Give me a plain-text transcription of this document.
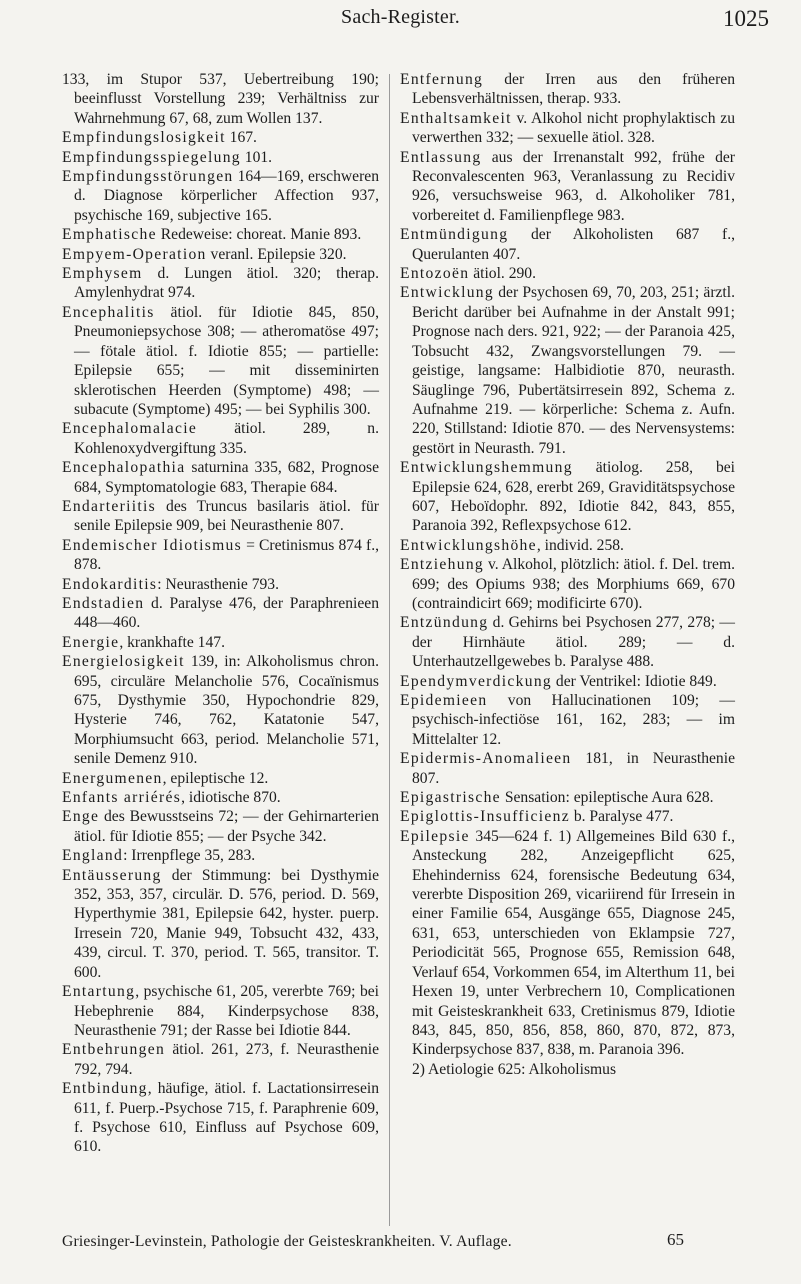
Sach-Register.	1025

133, im Stupor 537, Uebertreibung 190; beeinflusst Vorstellung 239; Verhältniss zur Wahrnehmung 67, 68, zum Wollen 137.

Empfindungslosigkeit 167.

Empfindungsspiegelung 101.

Empfindungsstörungen 164—169, erschweren d. Diagnose körperlicher Affection 937, psychische 169, subjective 165.

Emphatische Redeweise: choreat. Manie 893.

Empyem-Operation veranl. Epilepsie 320.

Emphysem d. Lungen ätiol. 320; therap. Amylenhydrat 974.

Encephalitis ätiol. für Idiotie 845, 850, Pneumoniepsychose 308; — atheromatöse 497; — fötale ätiol. f. Idiotie 855; — partielle: Epilepsie 655; — mit disseminirten sklerotischen Heerden (Symptome) 498; — subacute (Symptome) 495; — bei Syphilis 300.

Encephalomalacie ätiol. 289, n. Kohlenoxydvergiftung 335.

Encephalopathia saturnina 335, 682, Prognose 684, Symptomatologie 683, Therapie 684.

Endarteriitis des Truncus basilaris ätiol. für senile Epilepsie 909, bei Neurasthenie 807.

Endemischer Idiotismus = Cretinismus 874 f., 878.

Endokarditis: Neurasthenie 793.

Endstadien d. Paralyse 476, der Paraphrenieen 448—460.

Energie, krankhafte 147.

Energielosigkeit 139, in: Alkoholismus chron. 695, circuläre Melancholie 576, Cocaïnismus 675, Dysthymie 350, Hypochondrie 829, Hysterie 746, 762, Katatonie 547, Morphiumsucht 663, period. Melancholie 571, senile Demenz 910.

Energumenen, epileptische 12.

Enfants arriérés, idiotische 870.

Enge des Bewusstseins 72; — der Gehirnarterien ätiol. für Idiotie 855; — der Psyche 342.

England: Irrenpflege 35, 283.

Entäusserung der Stimmung: bei Dysthymie 352, 353, 357, circulär. D. 576, period. D. 569, Hyperthymie 381, Epilepsie 642, hyster. puerp. Irresein 720, Manie 949, Tobsucht 432, 433, 439, circul. T. 370, period. T. 565, transitor. T. 600.

Entartung, psychische 61, 205, vererbte 769; bei Hebephrenie 884, Kinderpsychose 838, Neurasthenie 791; der Rasse bei Idiotie 844.

Entbehrungen ätiol. 261, 273, f. Neurasthenie 792, 794.

Entbindung, häufige, ätiol. f. Lactationsirresein 611, f. Puerp.-Psychose 715, f. Paraphrenie 609, f. Psychose 610, Einfluss auf Psychose 609, 610.

Entfernung der Irren aus den früheren Lebensverhältnissen, therap. 933.

Enthaltsamkeit v. Alkohol nicht prophylaktisch zu verwerthen 332; — sexuelle ätiol. 328.

Entlassung aus der Irrenanstalt 992, frühe der Reconvalescenten 963, Veranlassung zu Recidiv 926, versuchsweise 963, d. Alkoholiker 781, vorbereitet d. Familienpflege 983.

Entmündigung der Alkoholisten 687 f., Querulanten 407.

Entozoën ätiol. 290.

Entwicklung der Psychosen 69, 70, 203, 251; ärztl. Bericht darüber bei Aufnahme in der Anstalt 991; Prognose nach ders. 921, 922; — der Paranoia 425, Tobsucht 432, Zwangsvorstellungen 79. — geistige, langsame: Halbidiotie 870, neurasth. Säuglinge 796, Pubertätsirresein 892, Schema z. Aufnahme 219. — körperliche: Schema z. Aufn. 220, Stillstand: Idiotie 870. — des Nervensystems: gestört in Neurasth. 791.

Entwicklungshemmung ätiolog. 258, bei Epilepsie 624, 628, ererbt 269, Graviditätspsychose 607, Heboïdophr. 892, Idiotie 842, 843, 855, Paranoia 392, Reflexpsychose 612.

Entwicklungshöhe, individ. 258.

Entziehung v. Alkohol, plötzlich: ätiol. f. Del. trem. 699; des Opiums 938; des Morphiums 669, 670 (contraindicirt 669; modificirte 670).

Entzündung d. Gehirns bei Psychosen 277, 278; — der Hirnhäute ätiol. 289; — d. Unterhautzellgewebes b. Paralyse 488.

Ependymverdickung der Ventrikel: Idiotie 849.

Epidemieen von Hallucinationen 109; — psychisch-infectiöse 161, 162, 283; — im Mittelalter 12.

Epidermis-Anomalieen 181, in Neurasthenie 807.

Epigastrische Sensation: epileptische Aura 628.

Epiglottis-Insufficienz b. Paralyse 477.

Epilepsie 345—624 f. 1) Allgemeines Bild 630 f., Ansteckung 282, Anzeigepflicht 625, Ehehinderniss 624, forensische Bedeutung 634, vererbte Disposition 269, vicariirend für Irresein in einer Familie 654, Ausgänge 655, Diagnose 245, 631, 653, unterschieden von Eklampsie 727, Periodicität 565, Prognose 655, Remission 648, Verlauf 654, Vorkommen 654, im Alterthum 11, bei Hexen 19, unter Verbrechern 10, Complicationen mit Geisteskrankheit 633, Cretinismus 879, Idiotie 843, 845, 850, 856, 858, 860, 870, 872, 873, Kinderpsychose 837, 838, m. Paranoia 396.

2) Aetiologie 625: Alkoholismus

Griesinger-Levinstein, Pathologie der Geisteskrankheiten. V. Auflage.	65
